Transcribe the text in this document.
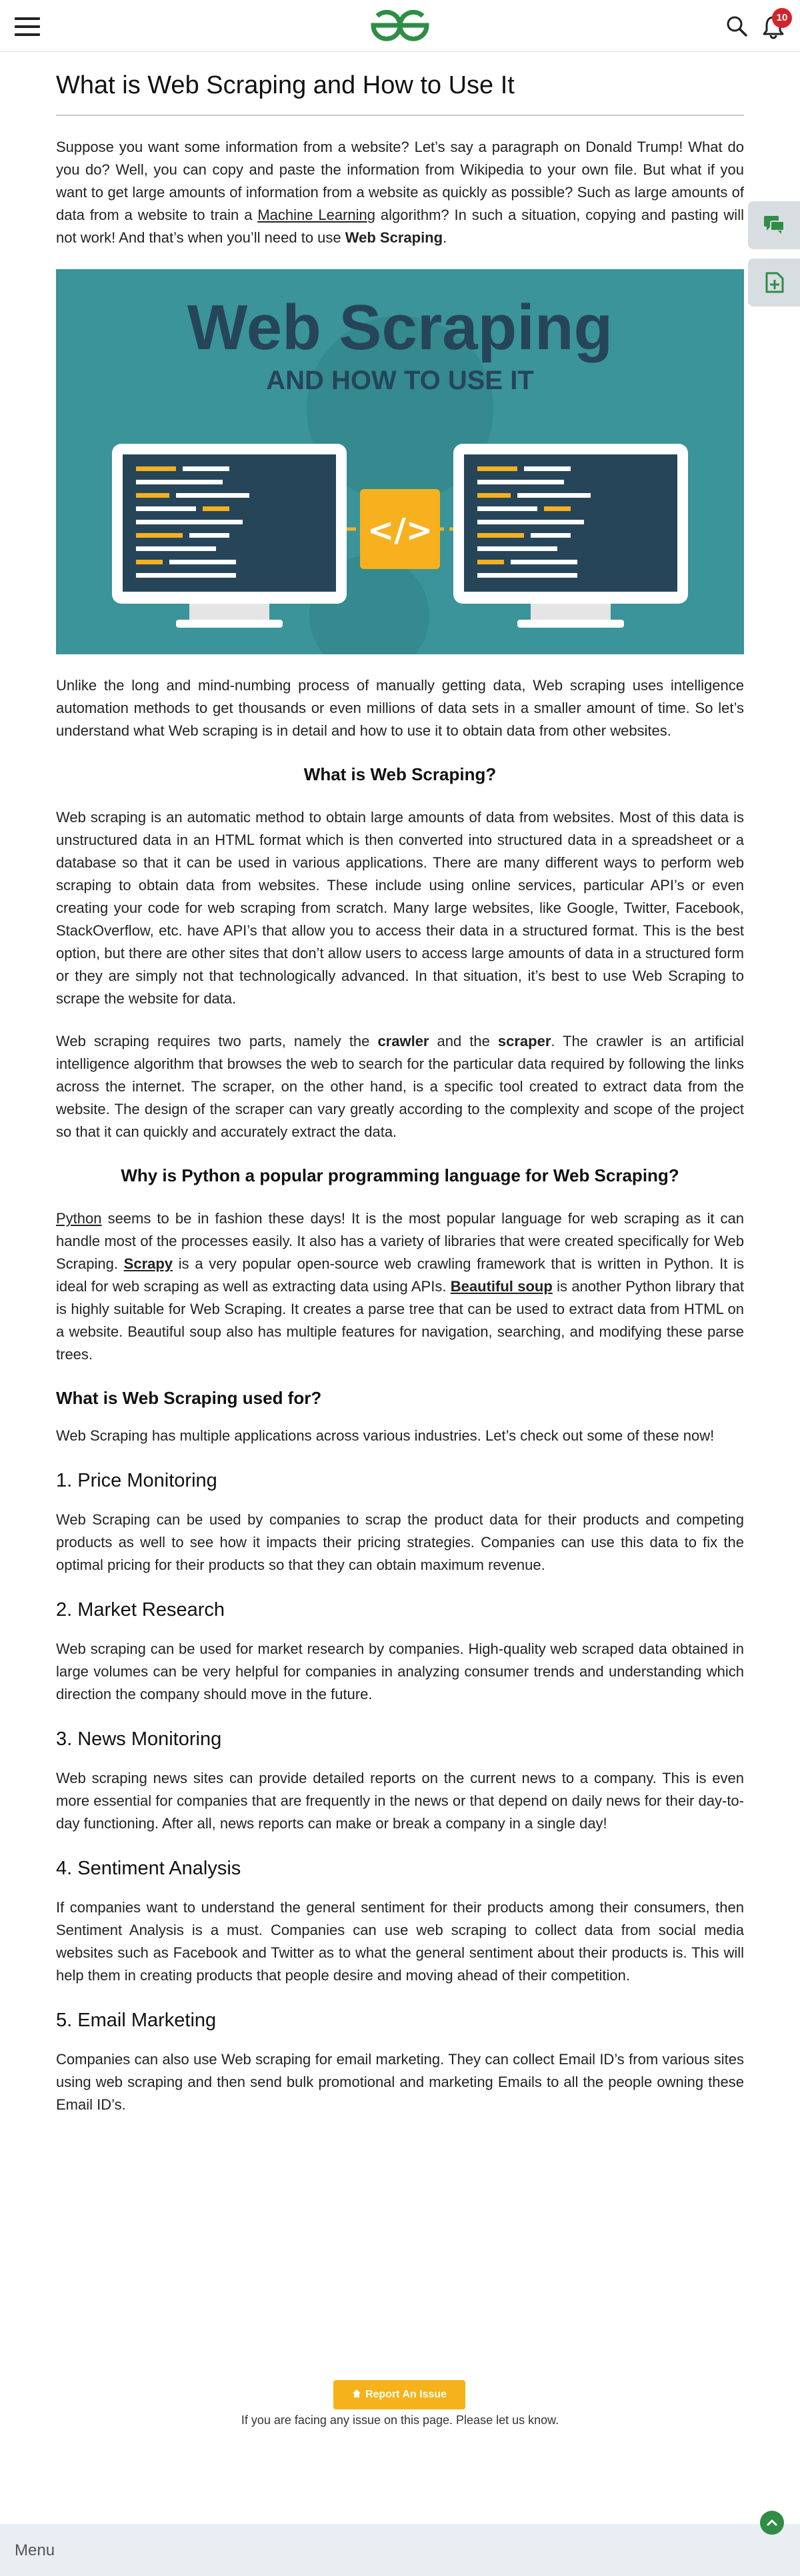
10
What is Web Scraping and How to Use It

Suppose you want some information from a website? Let’s say a paragraph on Donald Trump! What do you do? Well, you can copy and paste the information from Wikipedia to your own file. But what if you want to get large amounts of information from a website as quickly as possible? Such as large amounts of data from a website to train a Machine Learning algorithm? In such a situation, copying and pasting will not work! And that’s when you’ll need to use Web Scraping.

Web Scraping
AND HOW TO USE IT
</>

Unlike the long and mind-numbing process of manually getting data, Web scraping uses intelligence automation methods to get thousands or even millions of data sets in a smaller amount of time. So let’s understand what Web scraping is in detail and how to use it to obtain data from other websites.

What is Web Scraping?

Web scraping is an automatic method to obtain large amounts of data from websites. Most of this data is unstructured data in an HTML format which is then converted into structured data in a spreadsheet or a database so that it can be used in various applications. There are many different ways to perform web scraping to obtain data from websites. These include using online services, particular API’s or even creating your code for web scraping from scratch. Many large websites, like Google, Twitter, Facebook, StackOverflow, etc. have API’s that allow you to access their data in a structured format. This is the best option, but there are other sites that don’t allow users to access large amounts of data in a structured form or they are simply not that technologically advanced. In that situation, it’s best to use Web Scraping to scrape the website for data.

Web scraping requires two parts, namely the crawler and the scraper. The crawler is an artificial intelligence algorithm that browses the web to search for the particular data required by following the links across the internet. The scraper, on the other hand, is a specific tool created to extract data from the website. The design of the scraper can vary greatly according to the complexity and scope of the project so that it can quickly and accurately extract the data.

Why is Python a popular programming language for Web Scraping?

Python seems to be in fashion these days! It is the most popular language for web scraping as it can handle most of the processes easily. It also has a variety of libraries that were created specifically for Web Scraping. Scrapy is a very popular open-source web crawling framework that is written in Python. It is ideal for web scraping as well as extracting data using APIs. Beautiful soup is another Python library that is highly suitable for Web Scraping. It creates a parse tree that can be used to extract data from HTML on a website. Beautiful soup also has multiple features for navigation, searching, and modifying these parse trees.

What is Web Scraping used for?

Web Scraping has multiple applications across various industries. Let’s check out some of these now!

1. Price Monitoring

Web Scraping can be used by companies to scrap the product data for their products and competing products as well to see how it impacts their pricing strategies. Companies can use this data to fix the optimal pricing for their products so that they can obtain maximum revenue.

2. Market Research

Web scraping can be used for market research by companies. High-quality web scraped data obtained in large volumes can be very helpful for companies in analyzing consumer trends and understanding which direction the company should move in the future.

3. News Monitoring

Web scraping news sites can provide detailed reports on the current news to a company. This is even more essential for companies that are frequently in the news or that depend on daily news for their day-to-day functioning. After all, news reports can make or break a company in a single day!

4. Sentiment Analysis

If companies want to understand the general sentiment for their products among their consumers, then Sentiment Analysis is a must. Companies can use web scraping to collect data from social media websites such as Facebook and Twitter as to what the general sentiment about their products is. This will help them in creating products that people desire and moving ahead of their competition.

5. Email Marketing

Companies can also use Web scraping for email marketing. They can collect Email ID’s from various sites using web scraping and then send bulk promotional and marketing Emails to all the people owning these Email ID’s.

Report An Issue
If you are facing any issue on this page. Please let us know.
Menu
